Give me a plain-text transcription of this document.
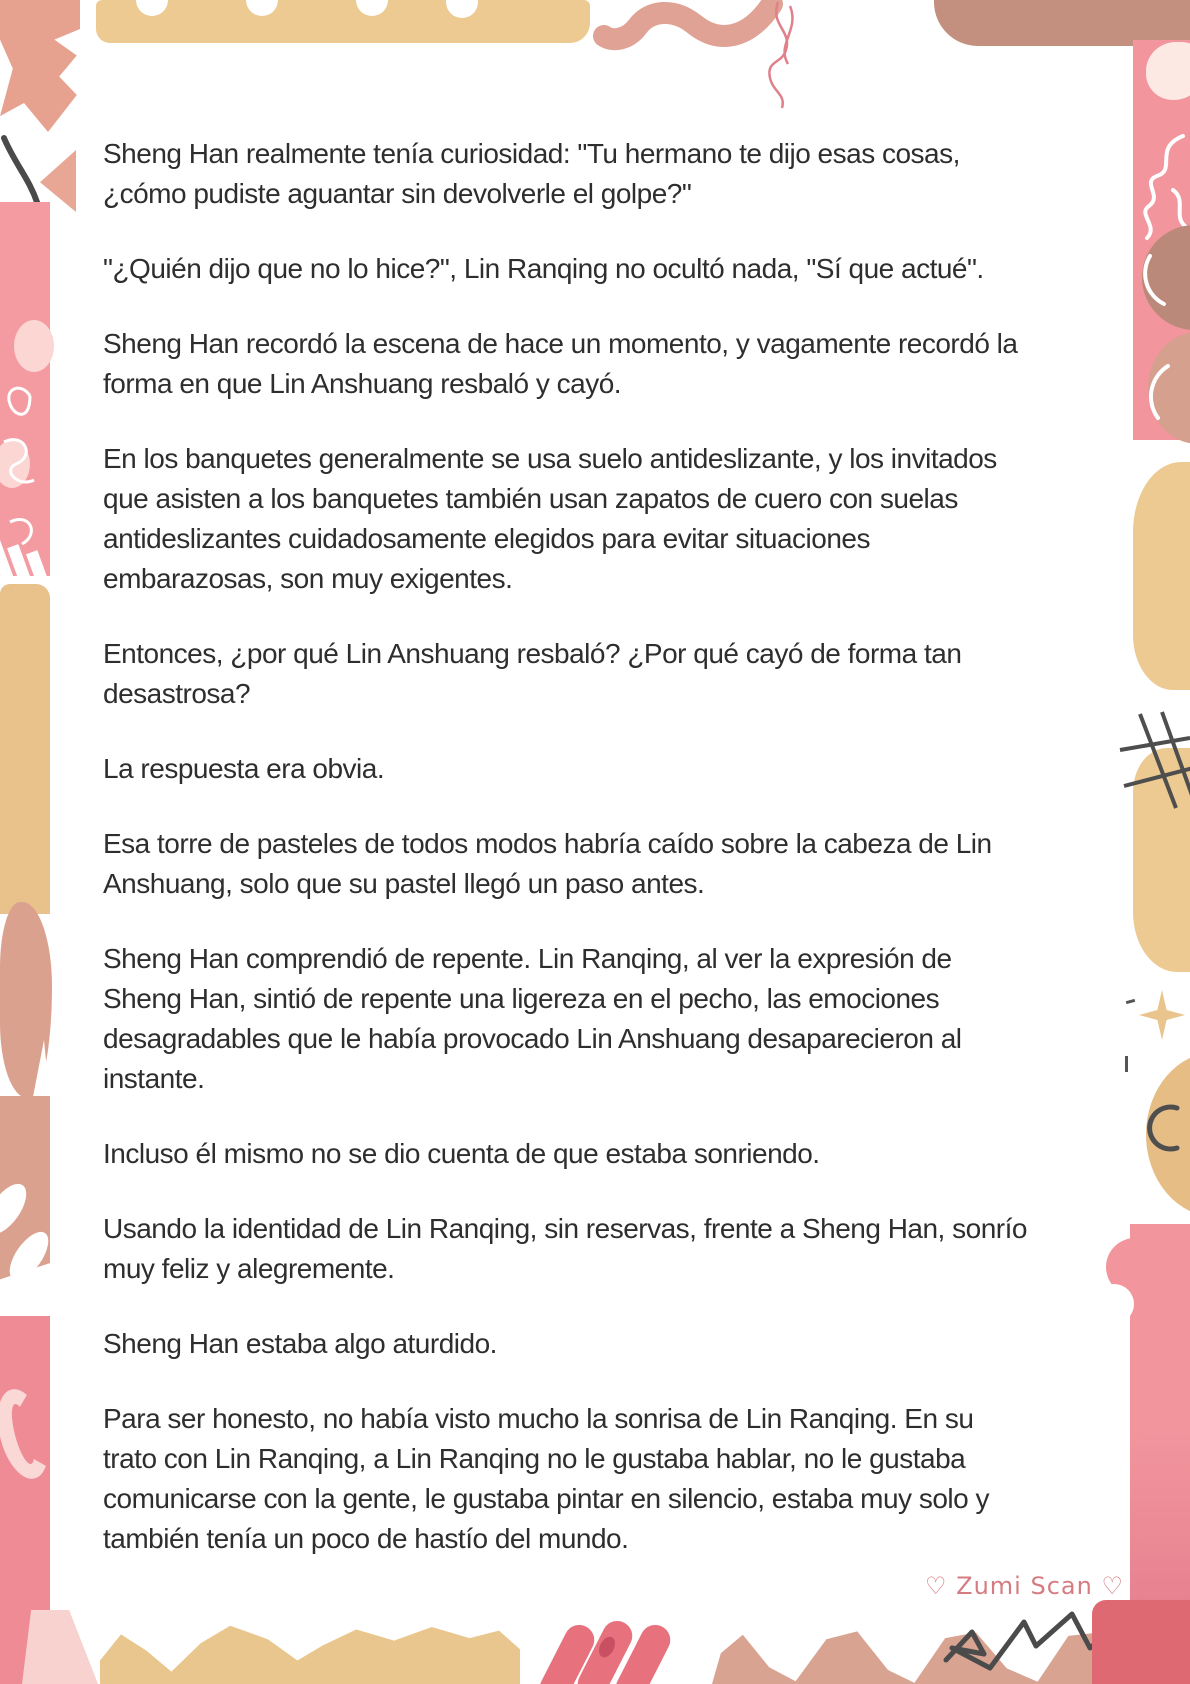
Sheng Han realmente tenía curiosidad: "Tu hermano te dijo esas cosas, ¿cómo pudiste aguantar sin devolverle el golpe?"

"¿Quién dijo que no lo hice?", Lin Ranqing no ocultó nada, "Sí que actué".

Sheng Han recordó la escena de hace un momento, y vagamente recordó la forma en que Lin Anshuang resbaló y cayó.

En los banquetes generalmente se usa suelo antideslizante, y los invitados que asisten a los banquetes también usan zapatos de cuero con suelas antideslizantes cuidadosamente elegidos para evitar situaciones embarazosas, son muy exigentes.

Entonces, ¿por qué Lin Anshuang resbaló? ¿Por qué cayó de forma tan desastrosa?

La respuesta era obvia.

Esa torre de pasteles de todos modos habría caído sobre la cabeza de Lin Anshuang, solo que su pastel llegó un paso antes.

Sheng Han comprendió de repente. Lin Ranqing, al ver la expresión de Sheng Han, sintió de repente una ligereza en el pecho, las emociones desagradables que le había provocado Lin Anshuang desaparecieron al instante.

Incluso él mismo no se dio cuenta de que estaba sonriendo.

Usando la identidad de Lin Ranqing, sin reservas, frente a Sheng Han, sonrío muy feliz y alegremente.

Sheng Han estaba algo aturdido.

Para ser honesto, no había visto mucho la sonrisa de Lin Ranqing. En su trato con Lin Ranqing, a Lin Ranqing no le gustaba hablar, no le gustaba comunicarse con la gente, le gustaba pintar en silencio, estaba muy solo y también tenía un poco de hastío del mundo.

♡ Zumi Scan ♡
